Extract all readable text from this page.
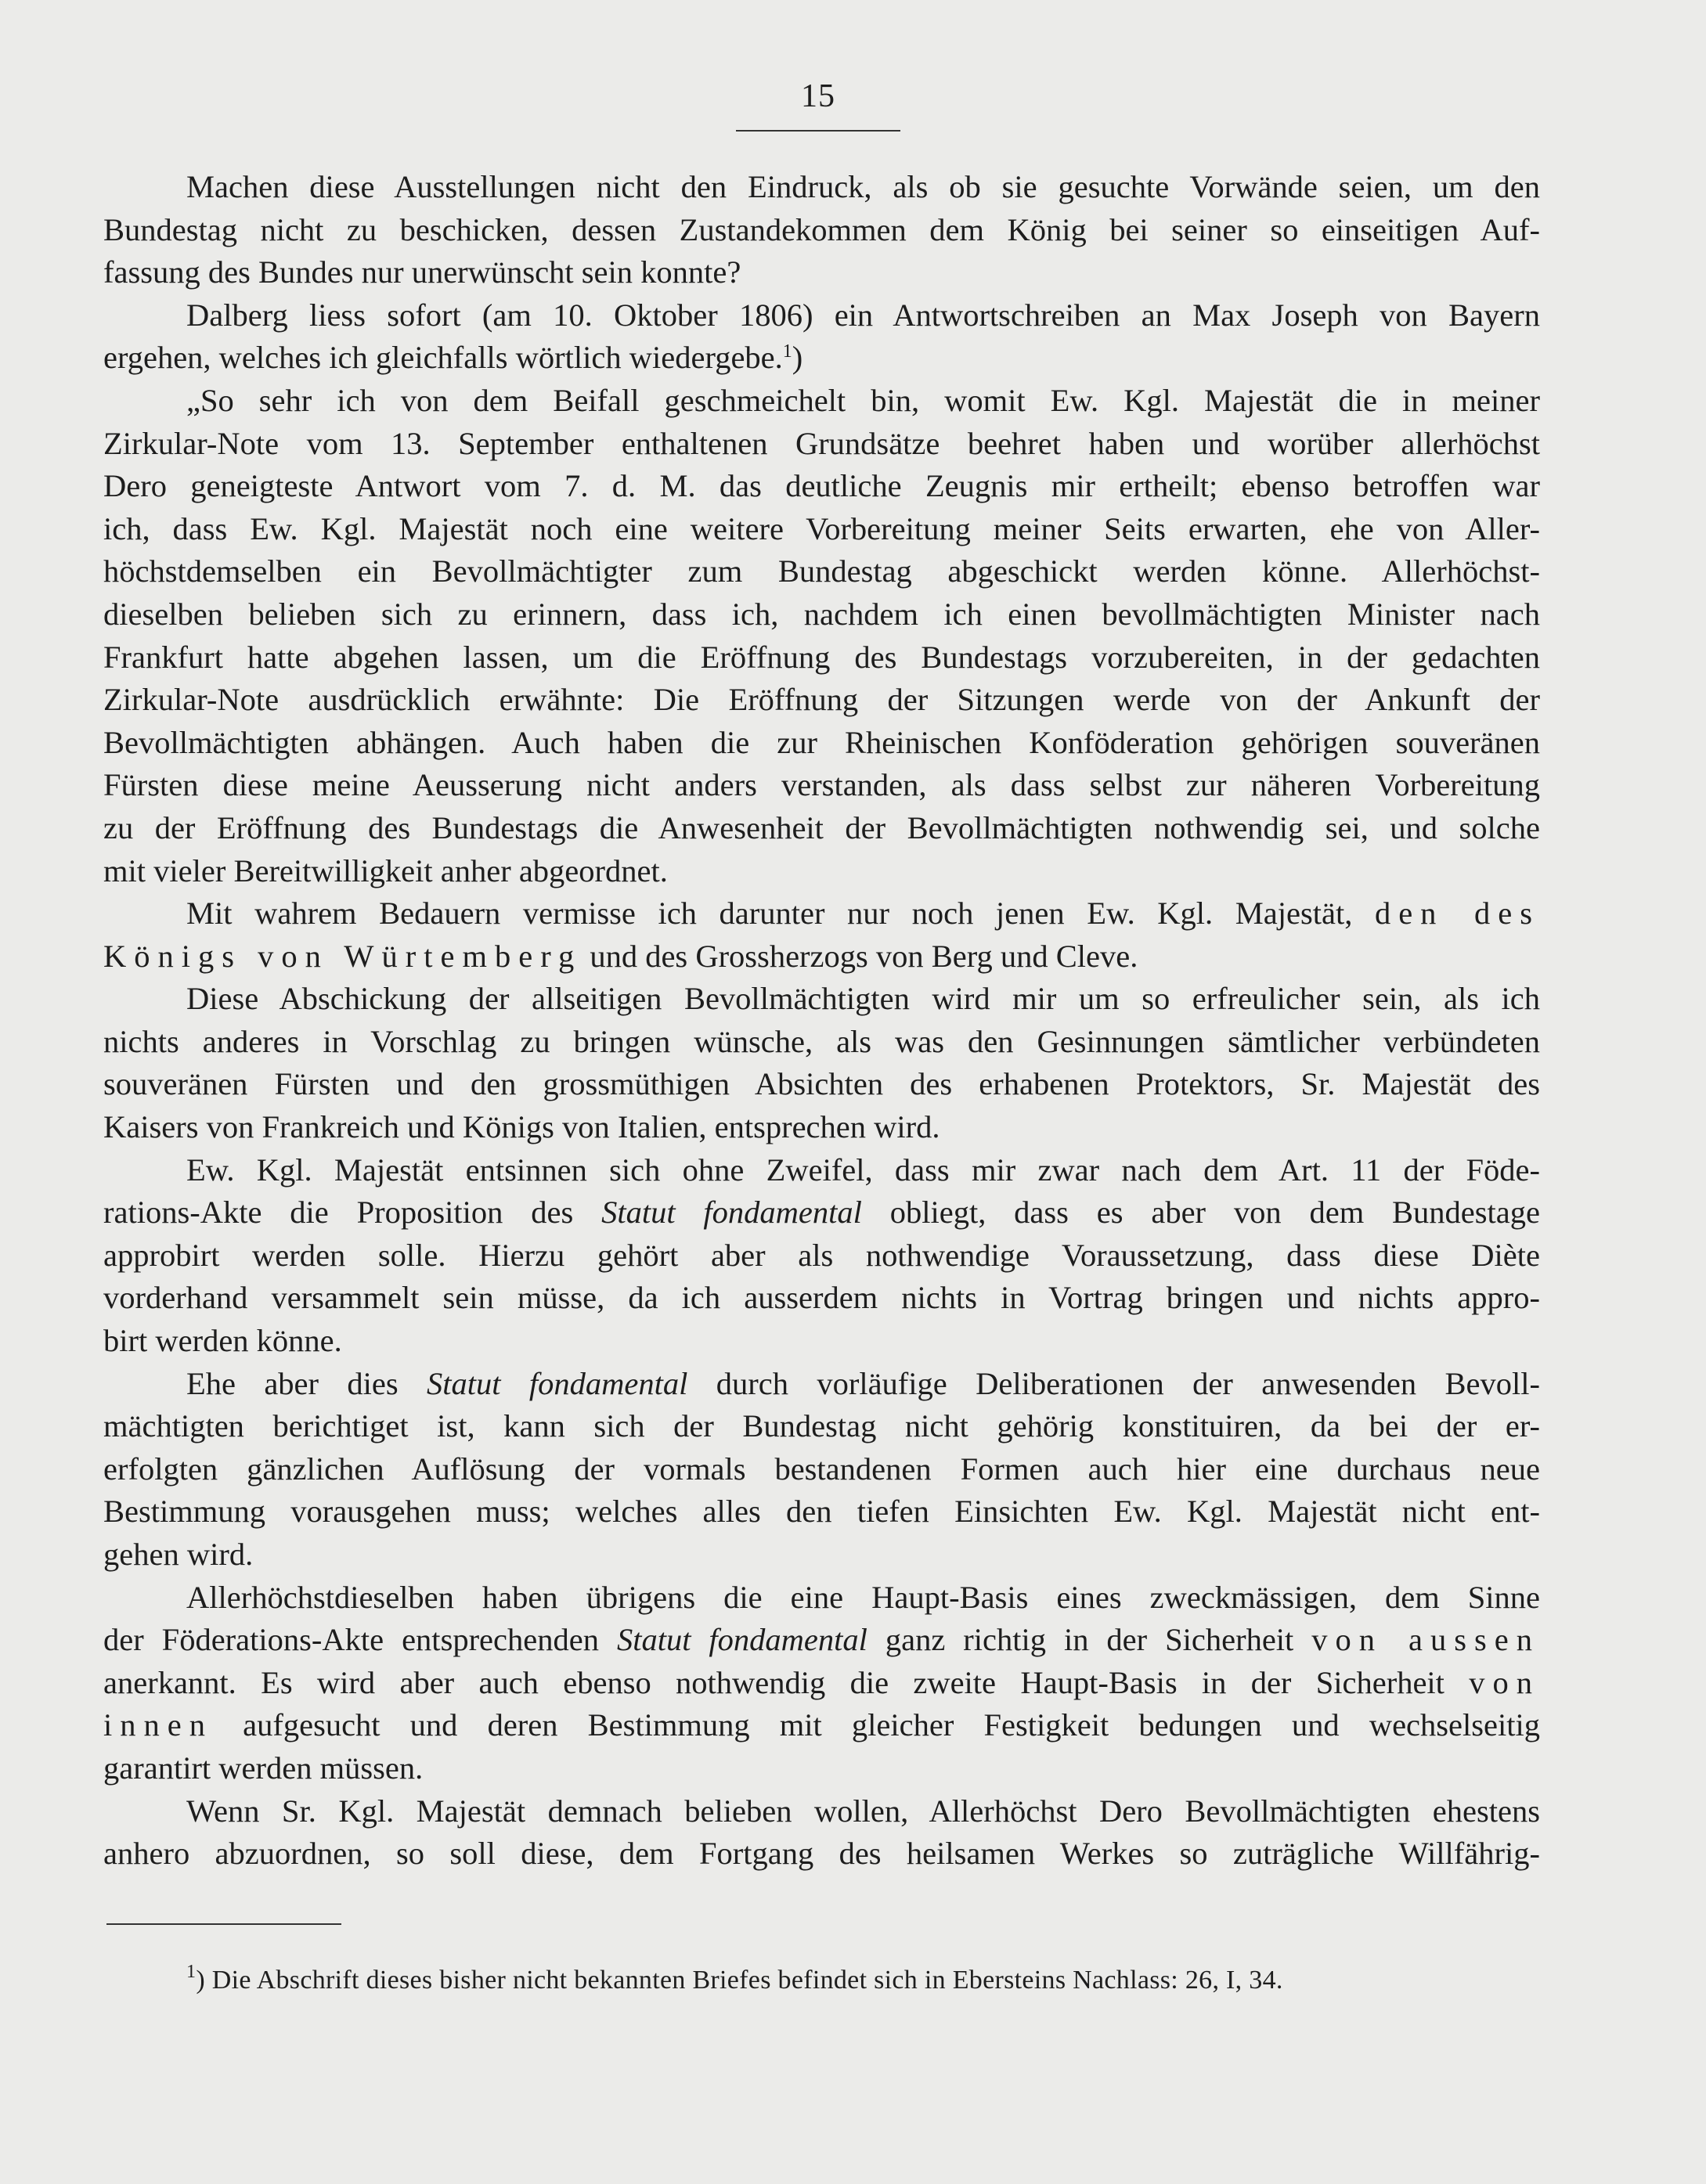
15
Machen diese Ausstellungen nicht den Eindruck, als ob sie gesuchte Vorwände seien, um den
Bundestag nicht zu beschicken, dessen Zustandekommen dem König bei seiner so einseitigen Auf-
fassung des Bundes nur unerwünscht sein konnte?
Dalberg liess sofort (am 10. Oktober 1806) ein Antwortschreiben an Max Joseph von Bayern
ergehen, welches ich gleichfalls wörtlich wiedergebe.$^1$)
„So sehr ich von dem Beifall geschmeichelt bin, womit Ew. Kgl. Majestät die in meiner
Zirkular-Note vom 13. September enthaltenen Grundsätze beehret haben und worüber allerhöchst
Dero geneigteste Antwort vom 7. d. M. das deutliche Zeugnis mir ertheilt; ebenso betroffen war
ich, dass Ew. Kgl. Majestät noch eine weitere Vorbereitung meiner Seits erwarten, ehe von Aller-
höchstdemselben ein Bevollmächtigter zum Bundestag abgeschickt werden könne. Allerhöchst-
dieselben belieben sich zu erinnern, dass ich, nachdem ich einen bevollmächtigten Minister nach
Frankfurt hatte abgehen lassen, um die Eröffnung des Bundestags vorzubereiten, in der gedachten
Zirkular-Note ausdrücklich erwähnte: Die Eröffnung der Sitzungen werde von der Ankunft der
Bevollmächtigten abhängen. Auch haben die zur Rheinischen Konföderation gehörigen souveränen
Fürsten diese meine Aeusserung nicht anders verstanden, als dass selbst zur näheren Vorbereitung
zu der Eröffnung des Bundestags die Anwesenheit der Bevollmächtigten nothwendig sei, und solche
mit vieler Bereitwilligkeit anher abgeordnet.
Mit wahrem Bedauern vermisse ich darunter nur noch jenen Ew. Kgl. Majestät, den des
Königs von Würtemberg und des Grossherzogs von Berg und Cleve.
Diese Abschickung der allseitigen Bevollmächtigten wird mir um so erfreulicher sein, als ich
nichts anderes in Vorschlag zu bringen wünsche, als was den Gesinnungen sämtlicher verbündeten
souveränen Fürsten und den grossmüthigen Absichten des erhabenen Protektors, Sr. Majestät des
Kaisers von Frankreich und Königs von Italien, entsprechen wird.
Ew. Kgl. Majestät entsinnen sich ohne Zweifel, dass mir zwar nach dem Art. 11 der Föde-
rations-Akte die Proposition des Statut fondamental obliegt, dass es aber von dem Bundestage
approbirt werden solle. Hierzu gehört aber als nothwendige Voraussetzung, dass diese Diète
vorderhand versammelt sein müsse, da ich ausserdem nichts in Vortrag bringen und nichts appro-
birt werden könne.
Ehe aber dies Statut fondamental durch vorläufige Deliberationen der anwesenden Bevoll-
mächtigten berichtiget ist, kann sich der Bundestag nicht gehörig konstituiren, da bei der er-
erfolgten gänzlichen Auflösung der vormals bestandenen Formen auch hier eine durchaus neue
Bestimmung vorausgehen muss; welches alles den tiefen Einsichten Ew. Kgl. Majestät nicht ent-
gehen wird.
Allerhöchstdieselben haben übrigens die eine Haupt-Basis eines zweckmässigen, dem Sinne
der Föderations-Akte entsprechenden Statut fondamental ganz richtig in der Sicherheit von aussen
anerkannt. Es wird aber auch ebenso nothwendig die zweite Haupt-Basis in der Sicherheit von
innen aufgesucht und deren Bestimmung mit gleicher Festigkeit bedungen und wechselseitig
garantirt werden müssen.
Wenn Sr. Kgl. Majestät demnach belieben wollen, Allerhöchst Dero Bevollmächtigten ehestens
anhero abzuordnen, so soll diese, dem Fortgang des heilsamen Werkes so zuträgliche Willfährig-
$^1$) Die Abschrift dieses bisher nicht bekannten Briefes befindet sich in Ebersteins Nachlass: 26, I, 34.
